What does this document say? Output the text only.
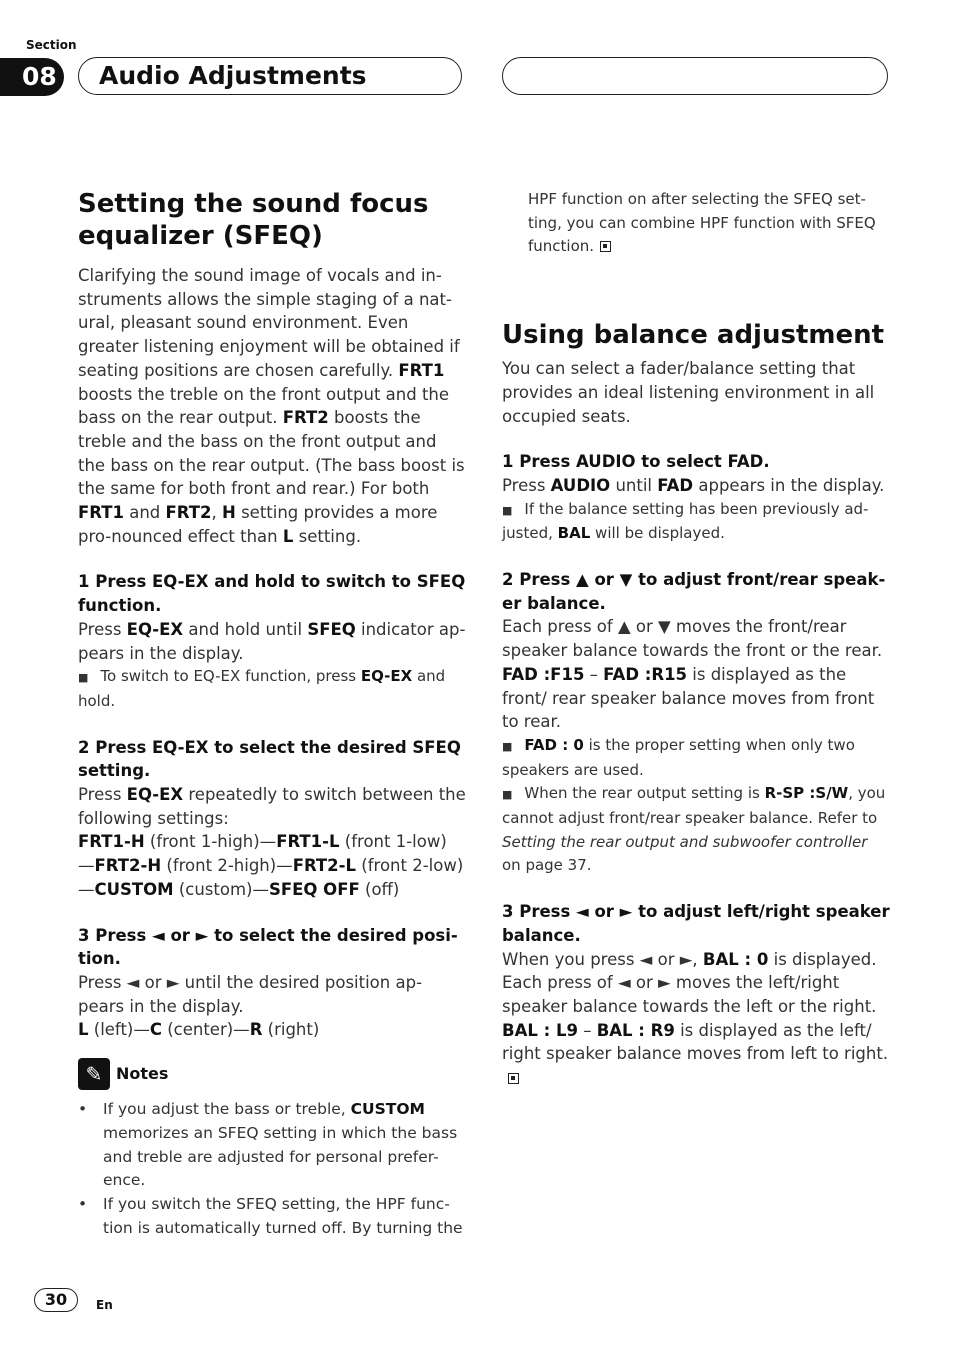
Section
08	Audio Adjustments
Setting the sound focus equalizer (SFEQ)

Clarifying the sound image of vocals and in-struments allows the simple staging of a nat-ural, pleasant sound environment. Even greater listening enjoyment will be obtained if seating positions are chosen carefully. FRT1 boosts the treble on the front output and the bass on the rear output. FRT2 boosts the treble and the bass on the front output and the bass on the rear output. (The bass boost is the same for both front and rear.) For both FRT1 and FRT2, H setting provides a more pro-nounced effect than L setting.

1 Press EQ-EX and hold to switch to SFEQ function.

Press EQ-EX and hold until SFEQ indicator ap-pears in the display.

■ To switch to EQ-EX function, press EQ-EX and hold.

2 Press EQ-EX to select the desired SFEQ setting.

Press EQ-EX repeatedly to switch between the following settings:

FRT1-H (front 1-high)—FRT1-L (front 1-low) —FRT2-H (front 2-high)—FRT2-L (front 2-low) —CUSTOM (custom)—SFEQ OFF (off)

3 Press ◄ or ► to select the desired posi-tion.

Press ◄ or ► until the desired position ap-pears in the display.

L (left)—C (center)—R (right)

✎ Notes
• If you adjust the bass or treble, CUSTOM memorizes an SFEQ setting in which the bass and treble are adjusted for personal prefer-ence.
• If you switch the SFEQ setting, the HPF func-tion is automatically turned off. By turning the

HPF function on after selecting the SFEQ set-ting, you can combine HPF function with SFEQ function.

Using balance adjustment

You can select a fader/balance setting that provides an ideal listening environment in all occupied seats.

1 Press AUDIO to select FAD.

Press AUDIO until FAD appears in the display.

■ If the balance setting has been previously ad-justed, BAL will be displayed.

2 Press ▲ or ▼ to adjust front/rear speak-er balance.

Each press of ▲ or ▼ moves the front/rear speaker balance towards the front or the rear. FAD :F15 – FAD :R15 is displayed as the front/ rear speaker balance moves from front to rear.

■ FAD : 0 is the proper setting when only two speakers are used.

■ When the rear output setting is R-SP :S/W, you cannot adjust front/rear speaker balance. Refer to Setting the rear output and subwoofer controller on page 37.

3 Press ◄ or ► to adjust left/right speaker balance.

When you press ◄ or ►, BAL : 0 is displayed. Each press of ◄ or ► moves the left/right speaker balance towards the left or the right. BAL : L9 – BAL : R9 is displayed as the left/ right speaker balance moves from left to right.

30	En
